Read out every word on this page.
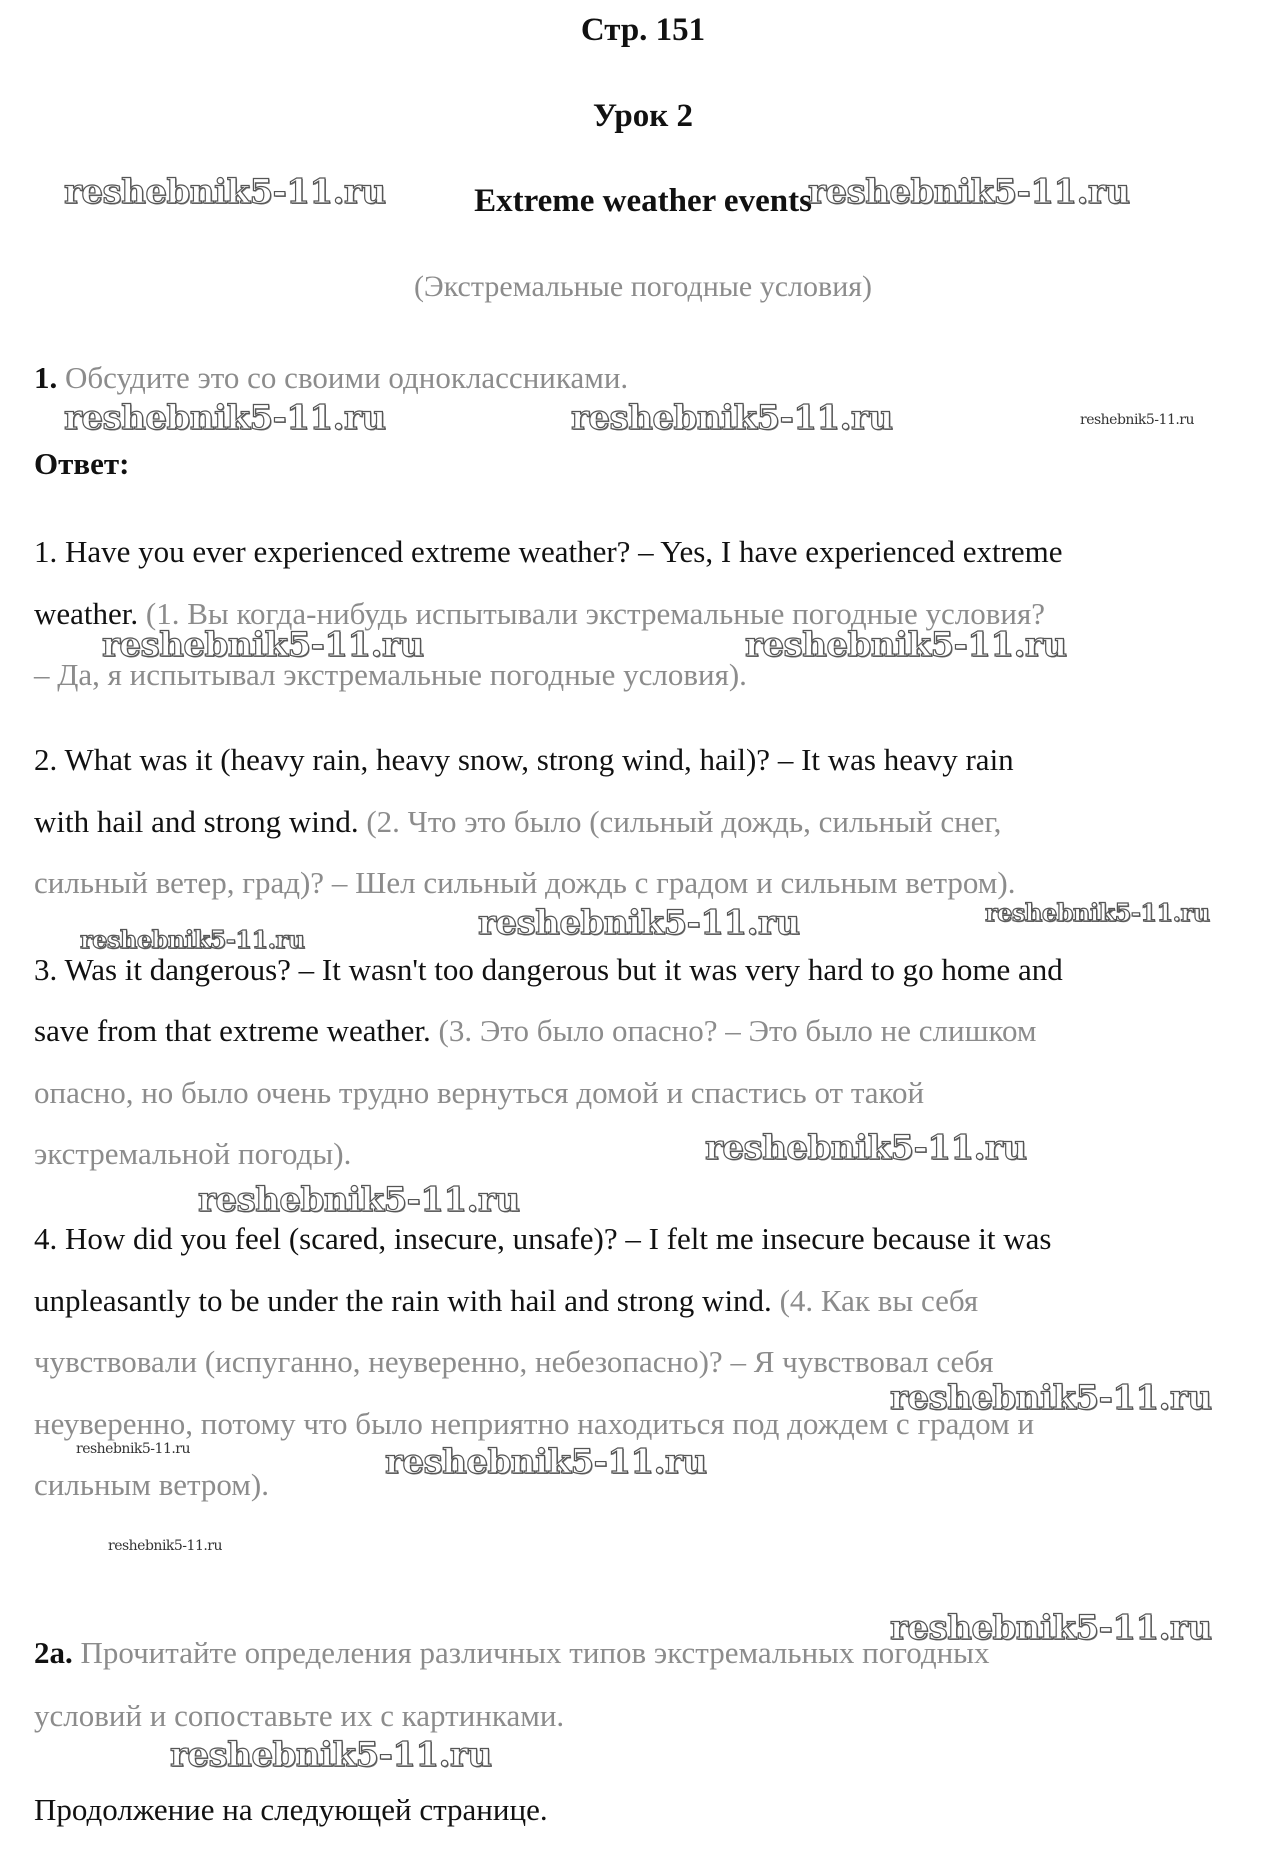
Стр. 151
Урок 2
Extreme weather events
(Экстремальные погодные условия)
1. Обсудите это со своими одноклассниками.
Ответ:
1. Have you ever experienced extreme weather? – Yes, I have experienced extreme
weather. (1. Вы когда-нибудь испытывали экстремальные погодные условия?
– Да, я испытывал экстремальные погодные условия).
2. What was it (heavy rain, heavy snow, strong wind, hail)? – It was heavy rain
with hail and strong wind. (2. Что это было (сильный дождь, сильный снег,
сильный ветер, град)? – Шел сильный дождь с градом и сильным ветром).
3. Was it dangerous? – It wasn't too dangerous but it was very hard to go home and
save from that extreme weather. (3. Это было опасно? – Это было не слишком
опасно, но было очень трудно вернуться домой и спастись от такой
экстремальной погоды).
4. How did you feel (scared, insecure, unsafe)? – I felt me insecure because it was
unpleasantly to be under the rain with hail and strong wind. (4. Как вы себя
чувствовали (испуганно, неуверенно, небезопасно)? – Я чувствовал себя
неуверенно, потому что было неприятно находиться под дождем с градом и
сильным ветром).
2a. Прочитайте определения различных типов экстремальных погодных
условий и сопоставьте их с картинками.
Продолжение на следующей странице.
reshebnik5-11.ru	reshebnik5-11.ru
reshebnik5-11.ru	reshebnik5-11.ru	reshebnik5-11.ru
reshebnik5-11.ru	reshebnik5-11.ru
reshebnik5-11.ru	reshebnik5-11.ru	reshebnik5-11.ru
reshebnik5-11.ru
reshebnik5-11.ru
reshebnik5-11.ru
reshebnik5-11.ru	reshebnik5-11.ru
reshebnik5-11.ru
reshebnik5-11.ru
reshebnik5-11.ru
